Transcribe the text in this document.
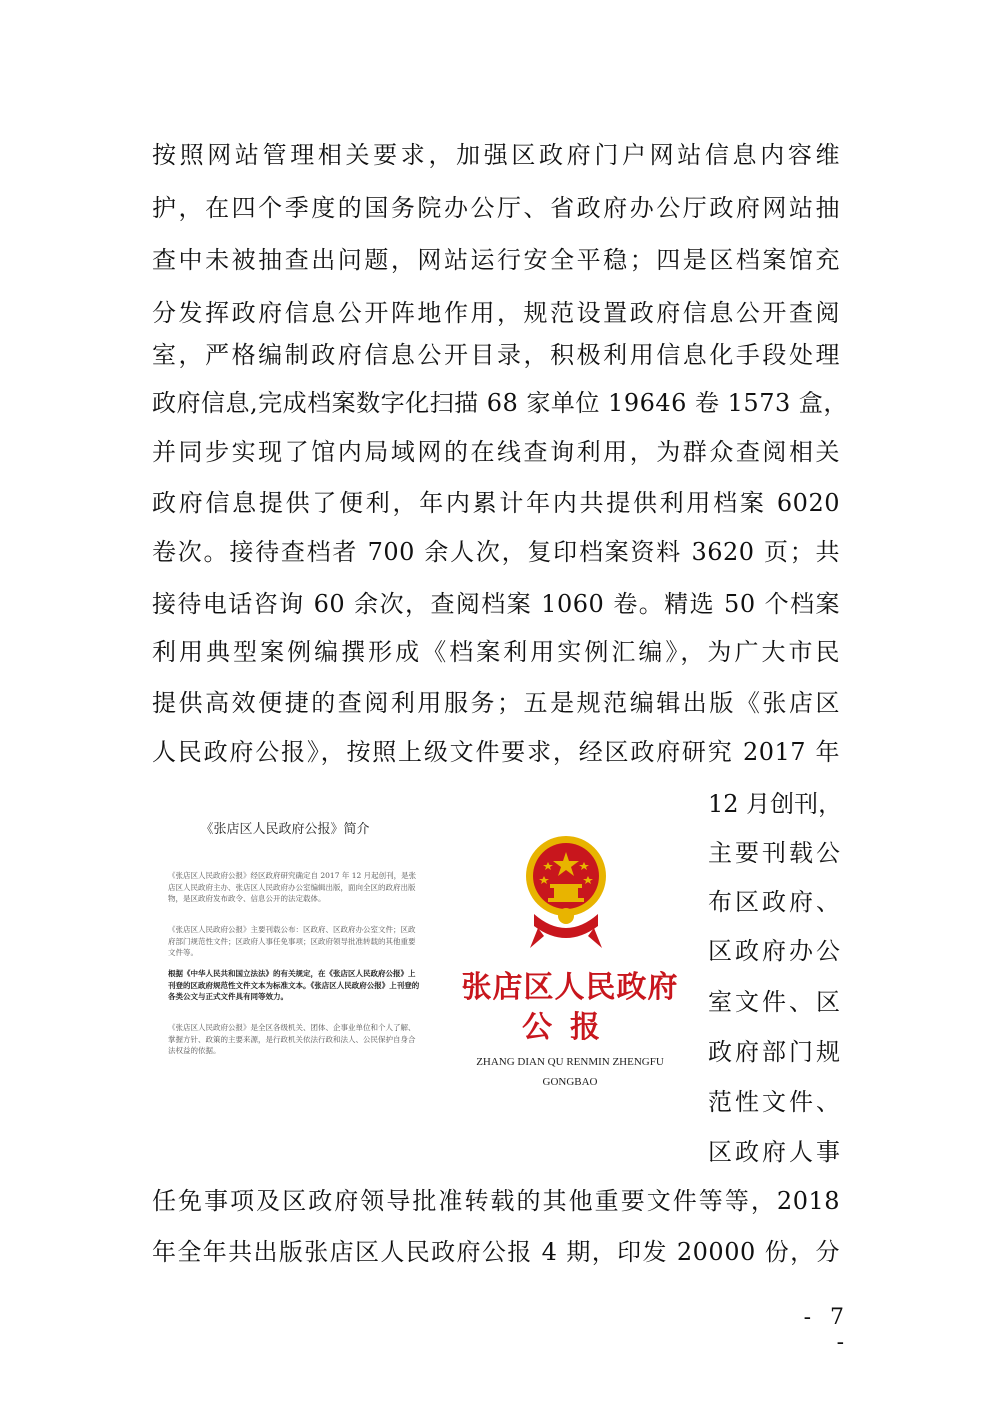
按照网站管理相关要求，加强区政府门户网站信息内容维
护，在四个季度的国务院办公厅、省政府办公厅政府网站抽
查中未被抽查出问题，网站运行安全平稳；四是区档案馆充
分发挥政府信息公开阵地作用，规范设置政府信息公开查阅
室，严格编制政府信息公开目录，积极利用信息化手段处理
政府信息,完成档案数字化扫描 68 家单位 19646 卷 1573 盒，
并同步实现了馆内局域网的在线查询利用，为群众查阅相关
政府信息提供了便利，年内累计年内共提供利用档案 6020
卷次。接待查档者 700 余人次，复印档案资料 3620 页；共
接待电话咨询 60 余次，查阅档案 1060 卷。精选 50 个档案
利用典型案例编撰形成《档案利用实例汇编》，为广大市民
提供高效便捷的查阅利用服务；五是规范编辑出版《张店区
人民政府公报》，按照上级文件要求，经区政府研究 2017 年
12 月创刊，
主要刊载公
布区政府、
区政府办公
室文件、区
政府部门规
范性文件、
区政府人事
《张店区人民政府公报》简介
《张店区人民政府公报》经区政府研究确定自 2017 年 12 月起创刊，是张店区人民政府主办、张店区人民政府办公室编辑出版，面向全区的政府出版物，是区政府发布政令、信息公开的法定载体。
《张店区人民政府公报》主要刊载公布：区政府、区政府办公室文件；区政府部门规范性文件；区政府人事任免事项；区政府领导批准转载的其他重要文件等。
根据《中华人民共和国立法法》的有关规定，在《张店区人民政府公报》上刊登的区政府规范性文件文本为标准文本。《张店区人民政府公报》上刊登的各类公文与正式文件具有同等效力。
《张店区人民政府公报》是全区各级机关、团体、企事业单位和个人了解、掌握方针、政策的主要来源，是行政机关依法行政和法人、公民保护自身合法权益的依据。
张店区人民政府
公报
ZHANG DIAN QU RENMIN ZHENGFU
GONGBAO
任免事项及区政府领导批准转载的其他重要文件等等，2018
年全年共出版张店区人民政府公报 4 期，印发 20000 份，分
- 7 -
